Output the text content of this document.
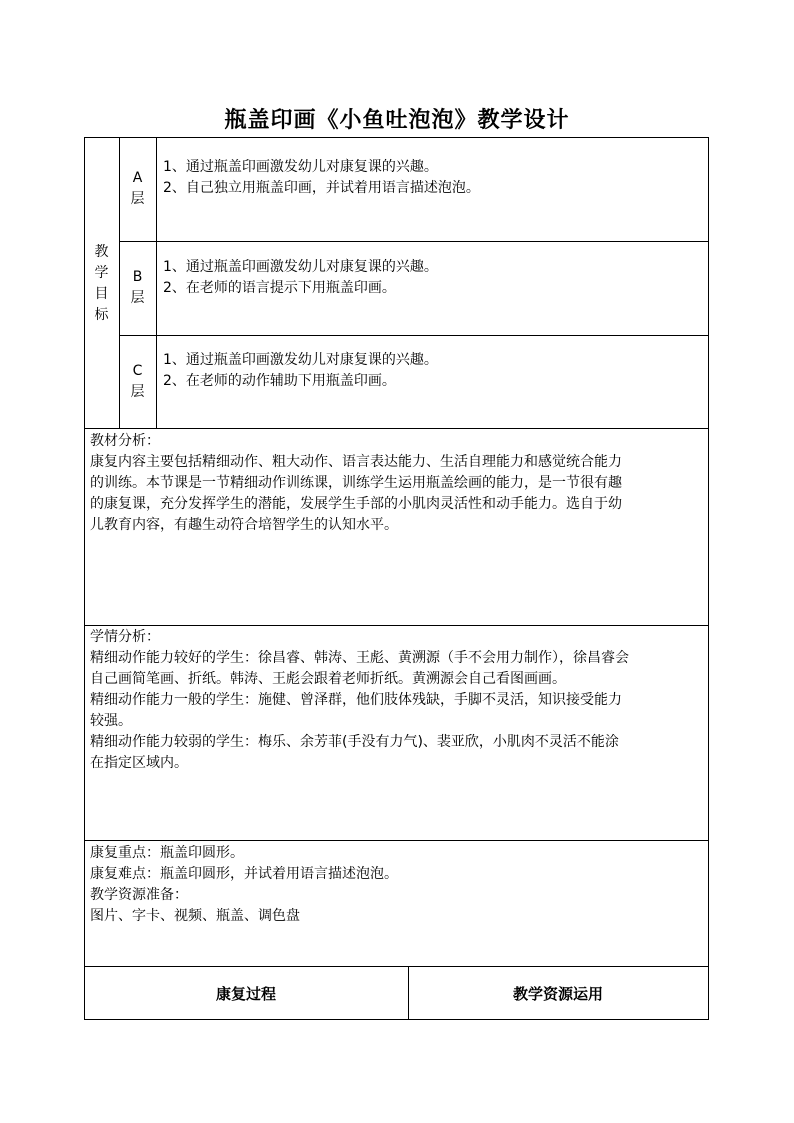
瓶盖印画《小鱼吐泡泡》教学设计
教
学
目
标
A
层
1、通过瓶盖印画激发幼儿对康复课的兴趣。
2、自己独立用瓶盖印画，并试着用语言描述泡泡。
B
层
1、通过瓶盖印画激发幼儿对康复课的兴趣。
2、在老师的语言提示下用瓶盖印画。
C
层
1、通过瓶盖印画激发幼儿对康复课的兴趣。
2、在老师的动作辅助下用瓶盖印画。
教材分析：
康复内容主要包括精细动作、粗大动作、语言表达能力、生活自理能力和感觉统合能力
的训练。本节课是一节精细动作训练课，训练学生运用瓶盖绘画的能力，是一节很有趣
的康复课，充分发挥学生的潜能，发展学生手部的小肌肉灵活性和动手能力。选自于幼
儿教育内容，有趣生动符合培智学生的认知水平。
学情分析：
精细动作能力较好的学生：徐昌睿、韩涛、王彪、黄溯源（手不会用力制作），徐昌睿会
自己画简笔画、折纸。韩涛、王彪会跟着老师折纸。黄溯源会自己看图画画。
精细动作能力一般的学生：施健、曾泽群，他们肢体残缺，手脚不灵活，知识接受能力
较强。
精细动作能力较弱的学生：梅乐、余芳菲(手没有力气)、裴亚欣，小肌肉不灵活不能涂
在指定区域内。
康复重点：瓶盖印圆形。
康复难点：瓶盖印圆形，并试着用语言描述泡泡。
教学资源准备：
图片、字卡、视频、瓶盖、调色盘
康复过程	教学资源运用
